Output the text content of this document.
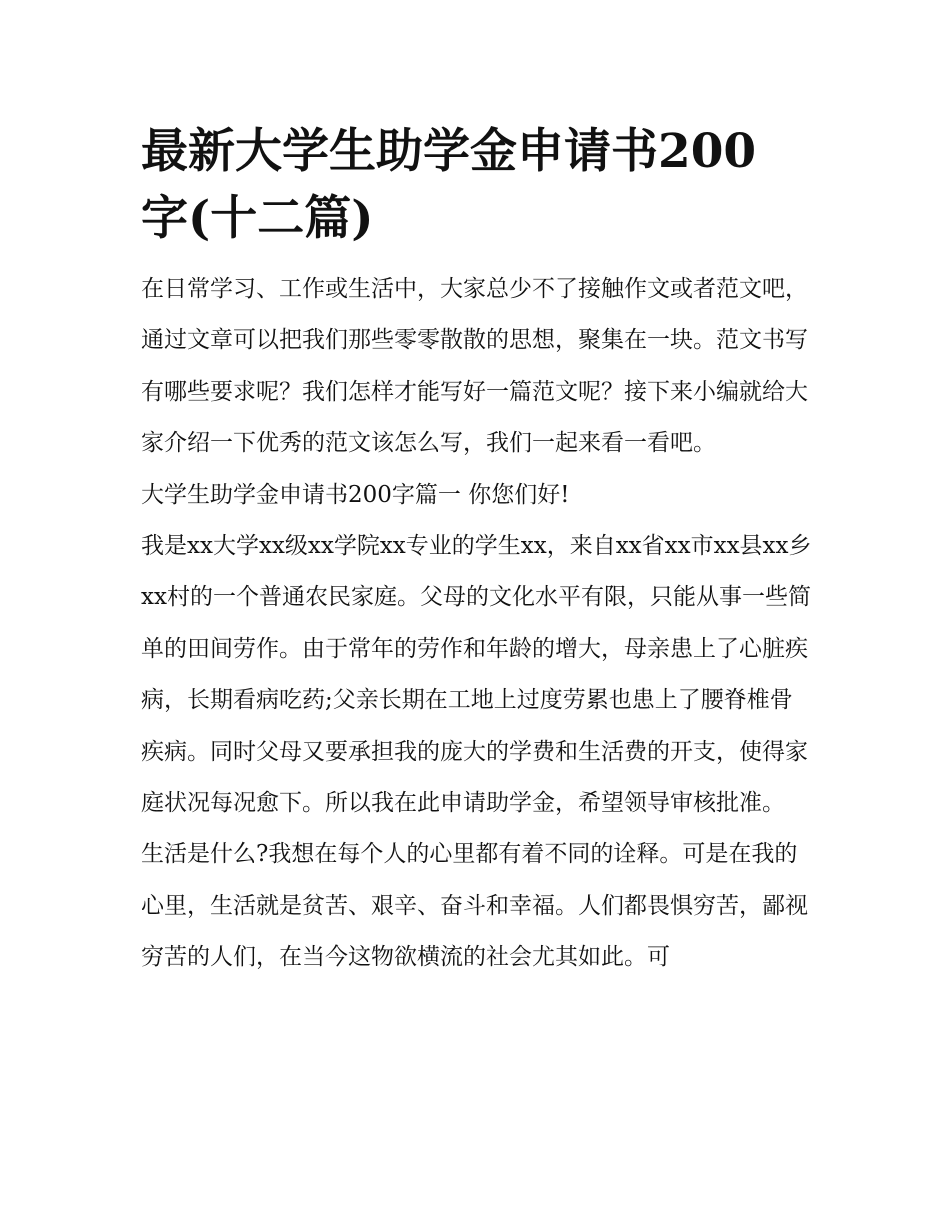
最新大学生助学金申请书200
字(十二篇)

在日常学习、工作或生活中，大家总少不了接触作文或者范文吧，通过文章可以把我们那些零零散散的思想，聚集在一块。范文书写有哪些要求呢？我们怎样才能写好一篇范文呢？接下来小编就给大家介绍一下优秀的范文该怎么写，我们一起来看一看吧。

大学生助学金申请书200字篇一 你您们好!

我是xx大学xx级xx学院xx专业的学生xx，来自xx省xx市xx县xx乡xx村的一个普通农民家庭。父母的文化水平有限，只能从事一些简单的田间劳作。由于常年的劳作和年龄的增大，母亲患上了心脏疾病，长期看病吃药;父亲长期在工地上过度劳累也患上了腰脊椎骨疾病。同时父母又要承担我的庞大的学费和生活费的开支，使得家庭状况每况愈下。所以我在此申请助学金，希望领导审核批准。

生活是什么?我想在每个人的心里都有着不同的诠释。可是在我的心里，生活就是贫苦、艰辛、奋斗和幸福。人们都畏惧穷苦，鄙视穷苦的人们，在当今这物欲横流的社会尤其如此。可
